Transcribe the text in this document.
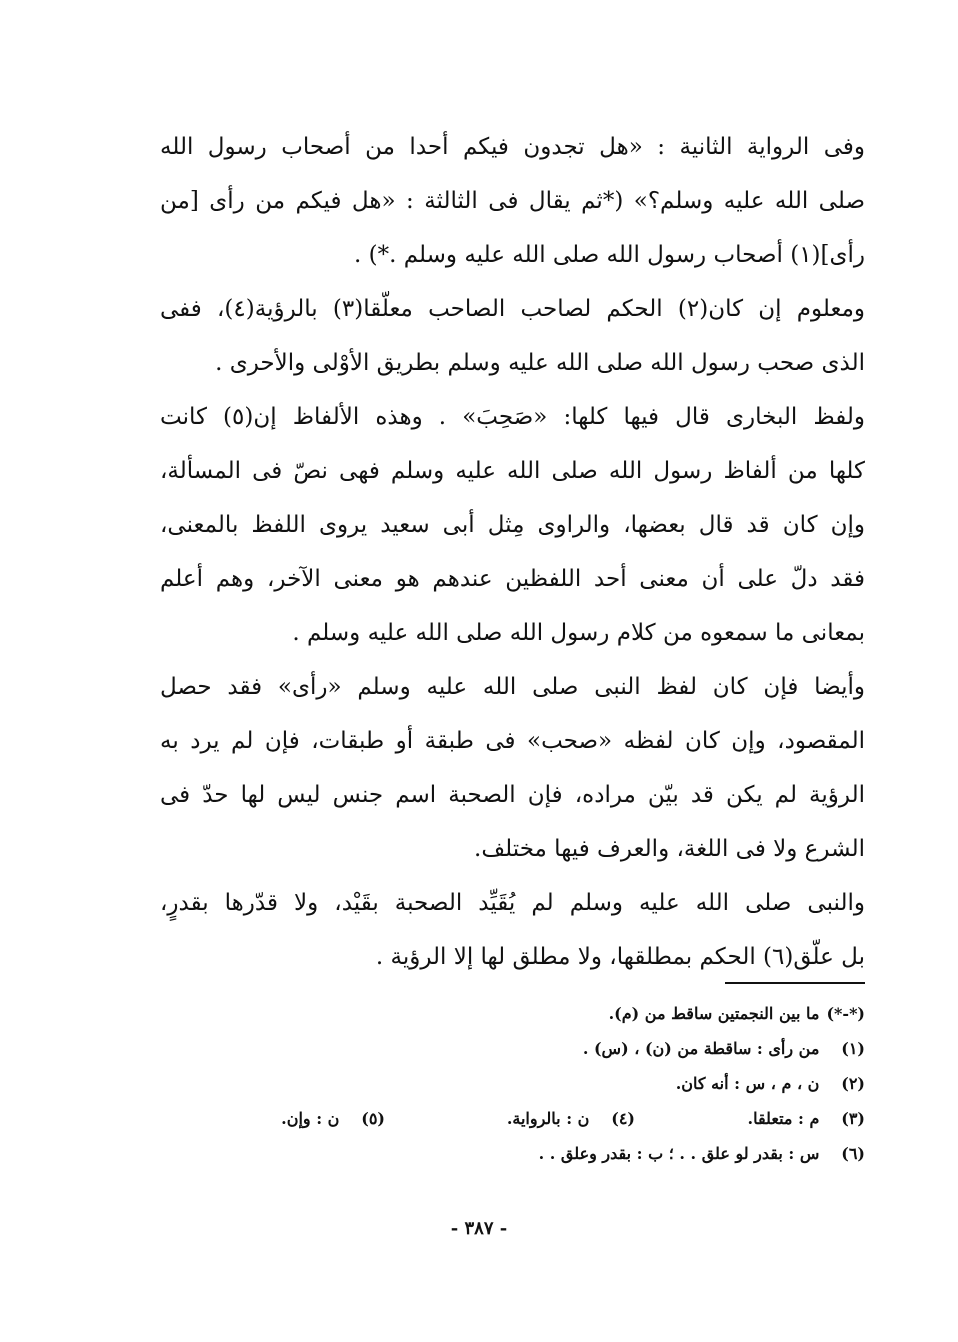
وفى الرواية الثانية : «هل تجدون فيكم أحدا من أصحاب رسول الله
صلى الله عليه وسلم؟» (*ثم يقال فى الثالثة : «هل فيكم من رأى [من
رأى](١) أصحاب رسول الله صلى الله عليه وسلم .*) .
ومعلوم إن كان(٢) الحكم لصاحب الصاحب معلّقا(٣) بالرؤية(٤)، ففى
الذى صحب رسول الله صلى الله عليه وسلم بطريق الأوْلى والأحرى .
ولفظ البخارى قال فيها كلها: «صَحِبَ» . وهذه الألفاظ إن(٥) كانت
كلها من ألفاظ رسول الله صلى الله عليه وسلم فهى نصّ فى المسألة،
وإن كان قد قال بعضها، والراوى مِثل أبى سعيد يروى اللفظ بالمعنى،
فقد دلّ على أن معنى أحد اللفظين عندهم هو معنى الآخر، وهم أعلم
بمعانى ما سمعوه من كلام رسول الله صلى الله عليه وسلم .
وأيضا فإن كان لفظ النبى صلى الله عليه وسلم «رأى» فقد حصل
المقصود، وإن كان لفظه «صحب» فى طبقة أو طبقات، فإن لم يرد به
الرؤية لم يكن قد بيّن مراده، فإن الصحبة اسم جنس ليس لها حدّ فى
الشرع ولا فى اللغة، والعرف فيها مختلف.
والنبى صلى الله عليه وسلم لم يُقَيِّد الصحبة بقَيْد، ولا قدّرها بقدرٍ،
بل علّق(٦) الحكم بمطلقها، ولا مطلق لها إلا الرؤية .
(*-*) ما بين النجمتين ساقط من (م).
(١) من رأى : ساقطة من (ن) ، (س) .
(٢) ن ، م ، س : أنه كان.
(٣) م : متعلقا.
(٤) ن : بالرواية.
(٥) ن : وإن.
(٦) س : بقدر لو علق . . ؛ ب : بقدر وعلق . .
- ٣٨٧ -
